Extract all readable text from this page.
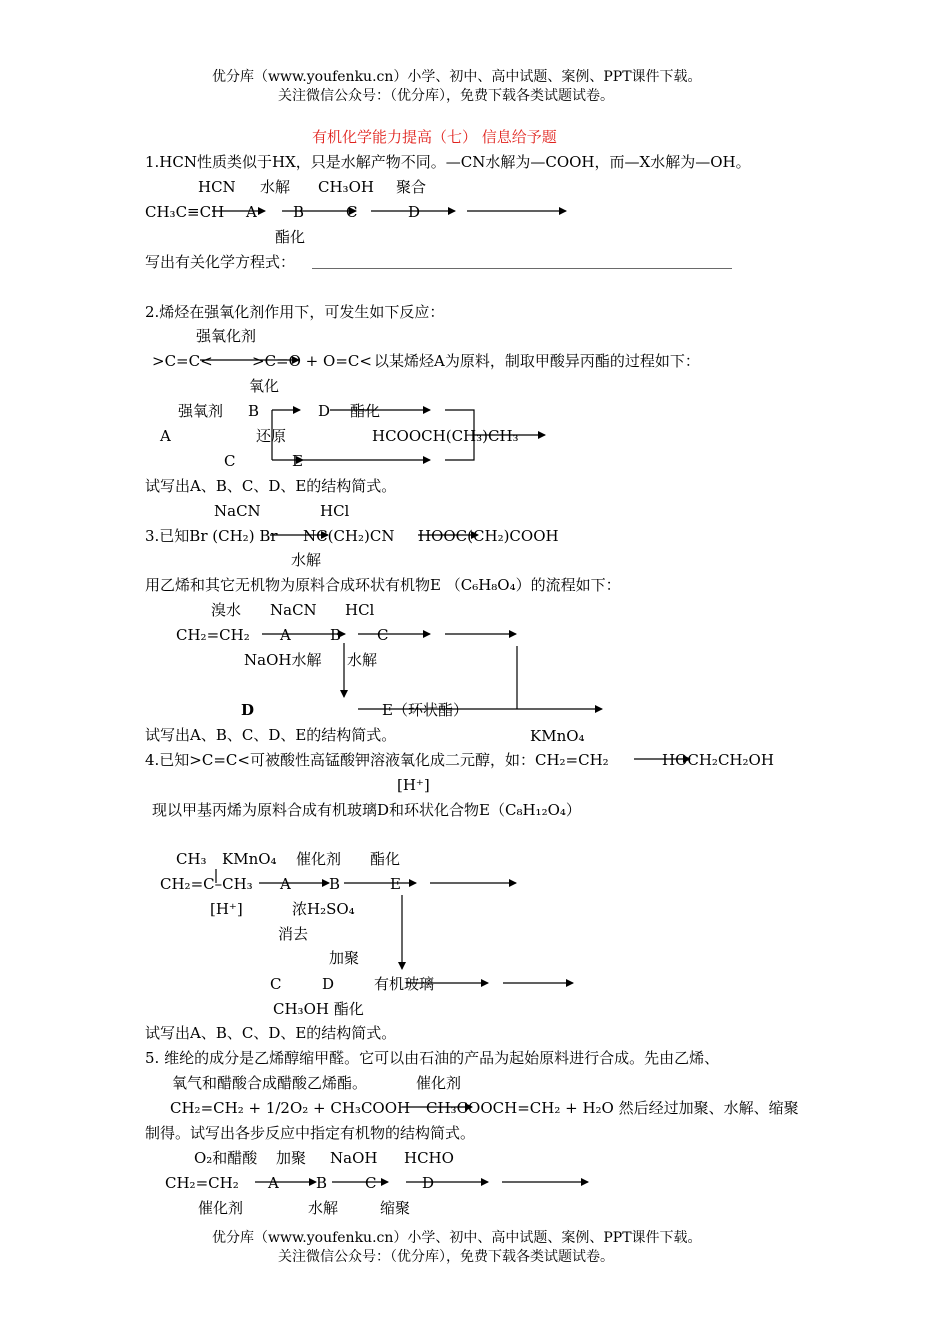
优分库（www.youfenku.cn）小学、初中、高中试题、案例、PPT课件下载。
关注微信公众号：（优分库），免费下载各类试题试卷。
有机化学能力提高（七） 信息给予题
1.HCN性质类似于HX，只是水解产物不同。—CN水解为—COOH，而—X水解为—OH。
HCN 水解 CH₃OH 聚合
CH₃C≡CH A B	C	D
酯化
写出有关化学方程式： ________________________________________________________
2.烯烃在强氧化剂作用下，可发生如下反应：
强氧化剂
>C=C<	>C=O + O=C< 以某烯烃A为原料，制取甲酸异丙酯的过程如下：
氧化
强氧剂 B	D 酯化
A	还原	HCOOCH(CH₃)CH₃
C	E
试写出A、B、C、D、E的结构简式。
NaCN	HCl
3.已知Br (CH₂) Br NC(CH₂)CN HOOC(CH₂)COOH
水解
用乙烯和其它无机物为原料合成环状有机物E （C₆H₈O₄）的流程如下：
溴水 NaCN HCl
CH₂=CH₂ A	B C
NaOH水解 水解
D	E（环状酯）
试写出A、B、C、D、E的结构简式。	KMnO₄
4.已知>C=C<可被酸性高锰酸钾溶液氧化成二元醇，如：CH₂=CH₂	HOCH₂CH₂OH
[H⁺]
现以甲基丙烯为原料合成有机玻璃D和环状化合物E（C₈H₁₂O₄）
CH₃ KMnO₄ 催化剂 酯化
CH₂=C–CH₃ A	B	E
[H⁺]	浓H₂SO₄
消去
加聚
C	D	有机玻璃
CH₃OH 酯化
试写出A、B、C、D、E的结构简式。
5. 维纶的成分是乙烯醇缩甲醛。它可以由石油的产品为起始原料进行合成。先由乙烯、
氧气和醋酸合成醋酸乙烯酯。	催化剂
CH₂=CH₂ + 1/2O₂ + CH₃COOH CH₃COOCH=CH₂ + H₂O 然后经过加聚、水解、缩聚
制得。试写出各步反应中指定有机物的结构简式。
O₂和醋酸 加聚 NaOH HCHO
CH₂=CH₂ A B	C	D
催化剂	水解	缩聚
优分库（www.youfenku.cn）小学、初中、高中试题、案例、PPT课件下载。
关注微信公众号：（优分库），免费下载各类试题试卷。
